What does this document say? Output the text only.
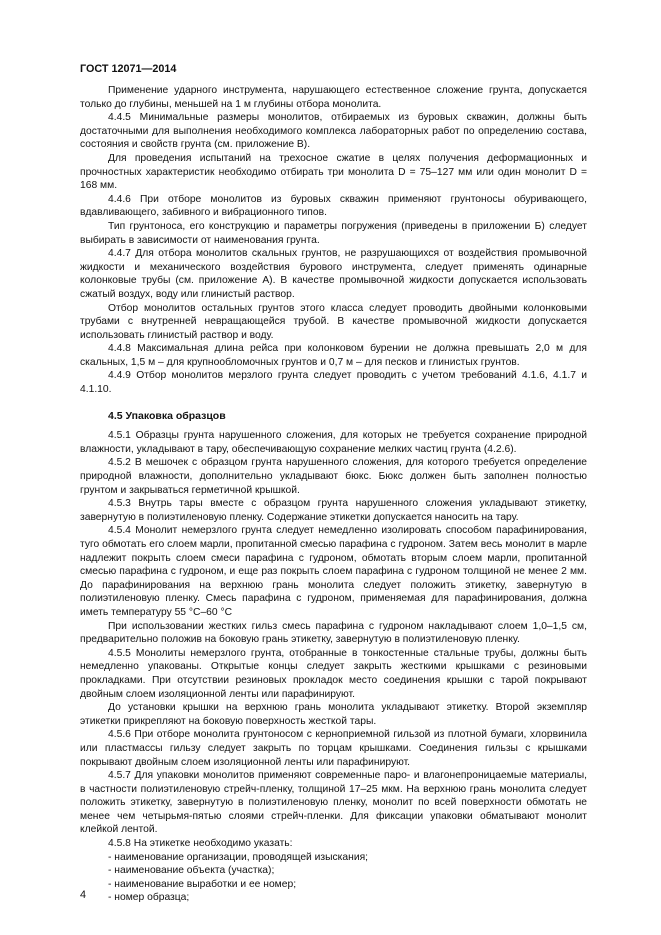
ГОСТ 12071—2014

Применение ударного инструмента, нарушающего естественное сложение грунта, допускается только до глубины, меньшей на 1 м глубины отбора монолита.

4.4.5 Минимальные размеры монолитов, отбираемых из буровых скважин, должны быть достаточными для выполнения необходимого комплекса лабораторных работ по определению состава, состояния и свойств грунта (см. приложение В).

Для проведения испытаний на трехосное сжатие в целях получения деформационных и прочностных характеристик необходимо отбирать три монолита D = 75–127 мм или один монолит D = 168 мм.

4.4.6 При отборе монолитов из буровых скважин применяют грунтоносы обуривающего, вдавливающего, забивного и вибрационного типов.

Тип грунтоноса, его конструкцию и параметры погружения (приведены в приложении Б) следует выбирать в зависимости от наименования грунта.

4.4.7 Для отбора монолитов скальных грунтов, не разрушающихся от воздействия промывочной жидкости и механического воздействия бурового инструмента, следует применять одинарные колонковые трубы (см. приложение А). В качестве промывочной жидкости допускается использовать сжатый воздух, воду или глинистый раствор.

Отбор монолитов остальных грунтов этого класса следует проводить двойными колонковыми трубами с внутренней невращающейся трубой. В качестве промывочной жидкости допускается использовать глинистый раствор и воду.

4.4.8 Максимальная длина рейса при колонковом бурении не должна превышать 2,0 м для скальных, 1,5 м – для крупнообломочных грунтов и 0,7 м – для песков и глинистых грунтов.

4.4.9 Отбор монолитов мерзлого грунта следует проводить с учетом требований 4.1.6, 4.1.7 и 4.1.10.

4.5 Упаковка образцов

4.5.1 Образцы грунта нарушенного сложения, для которых не требуется сохранение природной влажности, укладывают в тару, обеспечивающую сохранение мелких частиц грунта (4.2.6).

4.5.2 В мешочек с образцом грунта нарушенного сложения, для которого требуется определение природной влажности, дополнительно укладывают бюкс. Бюкс должен быть заполнен полностью грунтом и закрываться герметичной крышкой.

4.5.3 Внутрь тары вместе с образцом грунта нарушенного сложения укладывают этикетку, завернутую в полиэтиленовую пленку. Содержание этикетки допускается наносить на тару.

4.5.4 Монолит немерзлого грунта следует немедленно изолировать способом парафинирования, туго обмотать его слоем марли, пропитанной смесью парафина с гудроном. Затем весь монолит в марле надлежит покрыть слоем смеси парафина с гудроном, обмотать вторым слоем марли, пропитанной смесью парафина с гудроном, и еще раз покрыть слоем парафина с гудроном толщиной не менее 2 мм. До парафинирования на верхнюю грань монолита следует положить этикетку, завернутую в полиэтиленовую пленку. Смесь парафина с гудроном, применяемая для парафинирования, должна иметь температуру 55 °С–60 °С

При использовании жестких гильз смесь парафина с гудроном накладывают слоем 1,0–1,5 см, предварительно положив на боковую грань этикетку, завернутую в полиэтиленовую пленку.

4.5.5 Монолиты немерзлого грунта, отобранные в тонкостенные стальные трубы, должны быть немедленно упакованы. Открытые концы следует закрыть жесткими крышками с резиновыми прокладками. При отсутствии резиновых прокладок место соединения крышки с тарой покрывают двойным слоем изоляционной ленты или парафинируют.

До установки крышки на верхнюю грань монолита укладывают этикетку. Второй экземпляр этикетки прикрепляют на боковую поверхность жесткой тары.

4.5.6 При отборе монолита грунтоносом с керноприемной гильзой из плотной бумаги, хлорвинила или пластмассы гильзу следует закрыть по торцам крышками. Соединения гильзы с крышками покрывают двойным слоем изоляционной ленты или парафинируют.

4.5.7 Для упаковки монолитов применяют современные паро- и влагонепроницаемые материалы, в частности полиэтиленовую стрейч-пленку, толщиной 17–25 мкм. На верхнюю грань монолита следует положить этикетку, завернутую в полиэтиленовую пленку, монолит по всей поверхности обмотать не менее чем четырьмя-пятью слоями стрейч-пленки. Для фиксации упаковки обматывают монолит клейкой лентой.

4.5.8 На этикетке необходимо указать:

- наименование организации, проводящей изыскания;
- наименование объекта (участка);
- наименование выработки и ее номер;
- номер образца;
4
